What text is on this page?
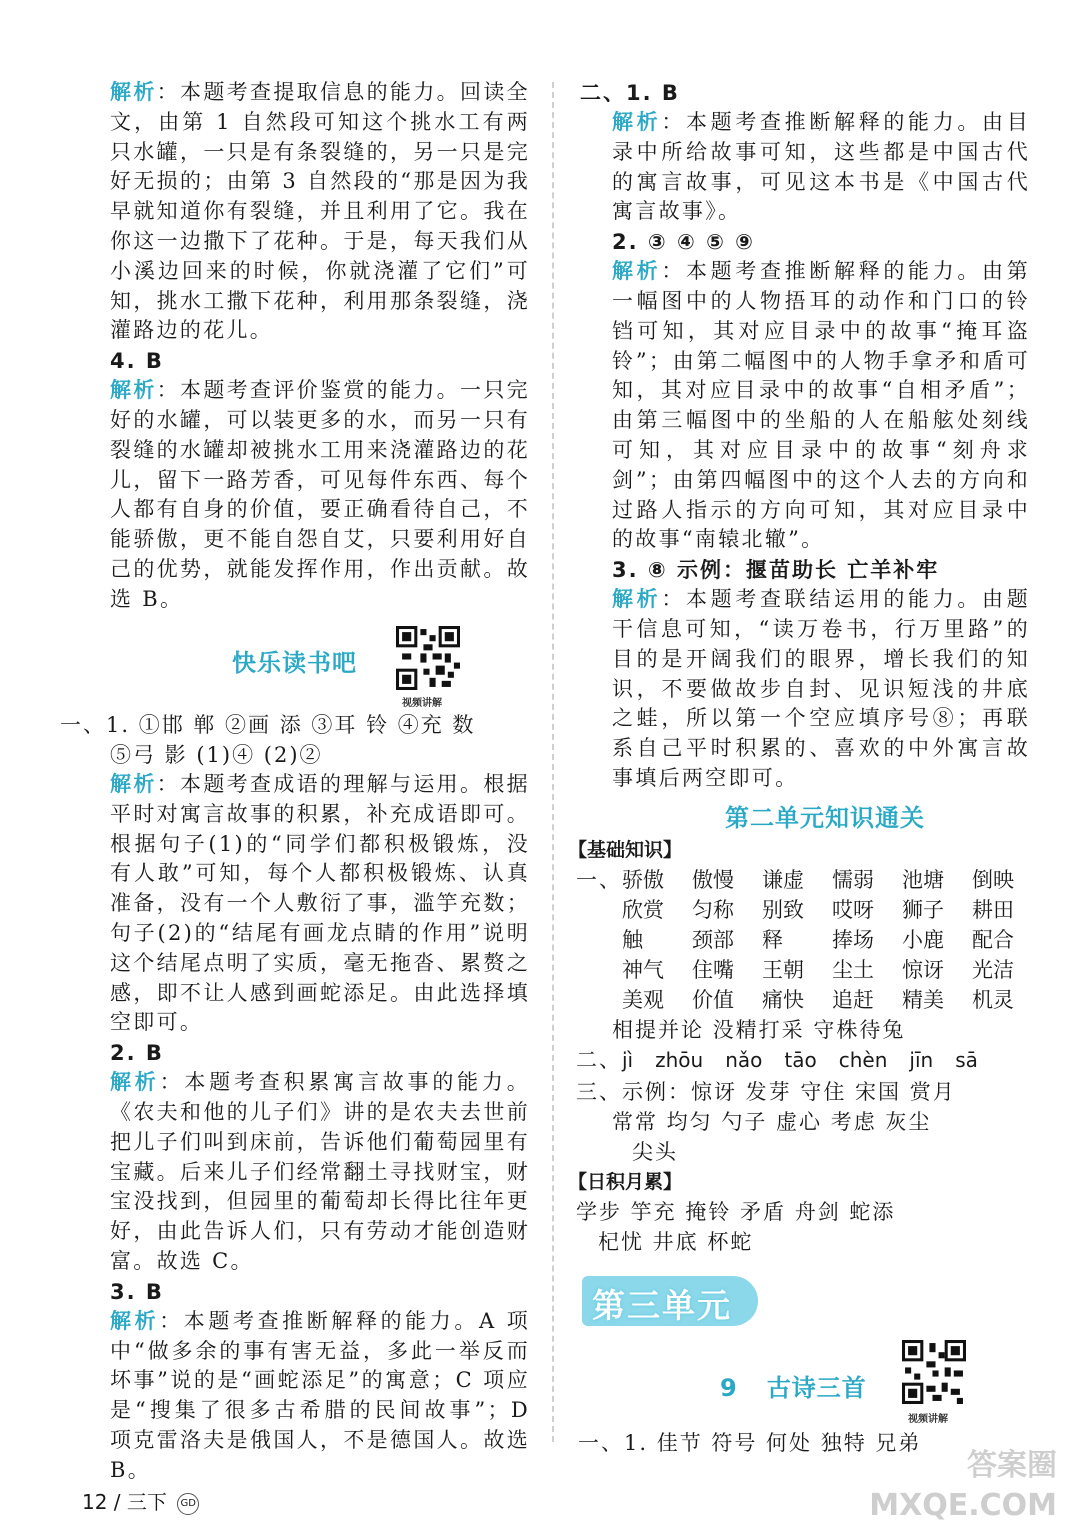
解析：本题考查提取信息的能力。回读全文，由第 1 自然段可知这个挑水工有两只水罐，一只是有条裂缝的，另一只是完好无损的；由第 3 自然段的“那是因为我早就知道你有裂缝，并且利用了它。我在你这一边撒下了花种。于是，每天我们从小溪边回来的时候，你就浇灌了它们”可知，挑水工撒下花种，利用那条裂缝，浇灌路边的花儿。

4. B

解析：本题考查评价鉴赏的能力。一只完好的水罐，可以装更多的水，而另一只有裂缝的水罐却被挑水工用来浇灌路边的花儿，留下一路芳香，可见每件东西、每个人都有自身的价值，要正确看待自己，不能骄傲，更不能自怨自艾，只要利用好自己的优势，就能发挥作用，作出贡献。故选 B。

快乐读书吧
视频讲解
一、1. ①邯 郸 ②画 添 ③耳 铃 ④充 数
⑤弓 影 (1)④ (2)②

解析：本题考查成语的理解与运用。根据平时对寓言故事的积累，补充成语即可。根据句子(1)的“同学们都积极锻炼，没有人敢”可知，每个人都积极锻炼、认真准备，没有一个人敷衍了事，滥竽充数；句子(2)的“结尾有画龙点睛的作用”说明这个结尾点明了实质，毫无拖沓、累赘之感，即不让人感到画蛇添足。由此选择填空即可。

2. B

解析：本题考查积累寓言故事的能力。《农夫和他的儿子们》讲的是农夫去世前把儿子们叫到床前，告诉他们葡萄园里有宝藏。后来儿子们经常翻土寻找财宝，财宝没找到，但园里的葡萄却长得比往年更好，由此告诉人们，只有劳动才能创造财富。故选 C。

3. B

解析：本题考查推断解释的能力。A 项中“做多余的事有害无益，多此一举反而坏事”说的是“画蛇添足”的寓意；C 项应是“搜集了很多古希腊的民间故事”；D 项克雷洛夫是俄国人，不是德国人。故选 B。

二、1. B

解析：本题考查推断解释的能力。由目录中所给故事可知，这些都是中国古代的寓言故事，可见这本书是《中国古代寓言故事》。

2. ③ ④ ⑤ ⑨

解析：本题考查推断解释的能力。由第一幅图中的人物捂耳的动作和门口的铃铛可知，其对应目录中的故事“掩耳盗铃”；由第二幅图中的人物手拿矛和盾可知，其对应目录中的故事“自相矛盾”；由第三幅图中的坐船的人在船舷处刻线可知，其对应目录中的故事“刻舟求剑”；由第四幅图中的这个人去的方向和过路人指示的方向可知，其对应目录中的故事“南辕北辙”。

3. ⑧ 示例：揠苗助长 亡羊补牢

解析：本题考查联结运用的能力。由题干信息可知，“读万卷书，行万里路”的目的是开阔我们的眼界，增长我们的知识，不要做故步自封、见识短浅的井底之蛙，所以第一个空应填序号⑧；再联系自己平时积累的、喜欢的中外寓言故事填后两空即可。

第二单元知识通关
【基础知识】
一、 骄傲	傲慢	谦虚	懦弱	池塘	倒映
欣赏	匀称	别致	哎呀	狮子	耕田
触	颈部	释	捧场	小鹿	配合
神气	住嘴	王朝	尘土	惊讶	光洁
美观	价值	痛快	追赶	精美	机灵
相提并论 没精打采 守株待兔
二、 jì zhōu nǎo tāo chèn jīn sā
三、示例：惊讶 发芽 守住 宋国 赏月
常常 均匀 勺子 虚心 考虑 灰尘
尖头
【日积月累】
学步 竽充 掩铃 矛盾 舟剑 蛇添
杞忧 井底 杯蛇
第三单元
9 古诗三首
视频讲解
一、1. 佳节 符号 何处 独特 兄弟
12 / 三下 GD
答案圈 MXQE.COM
